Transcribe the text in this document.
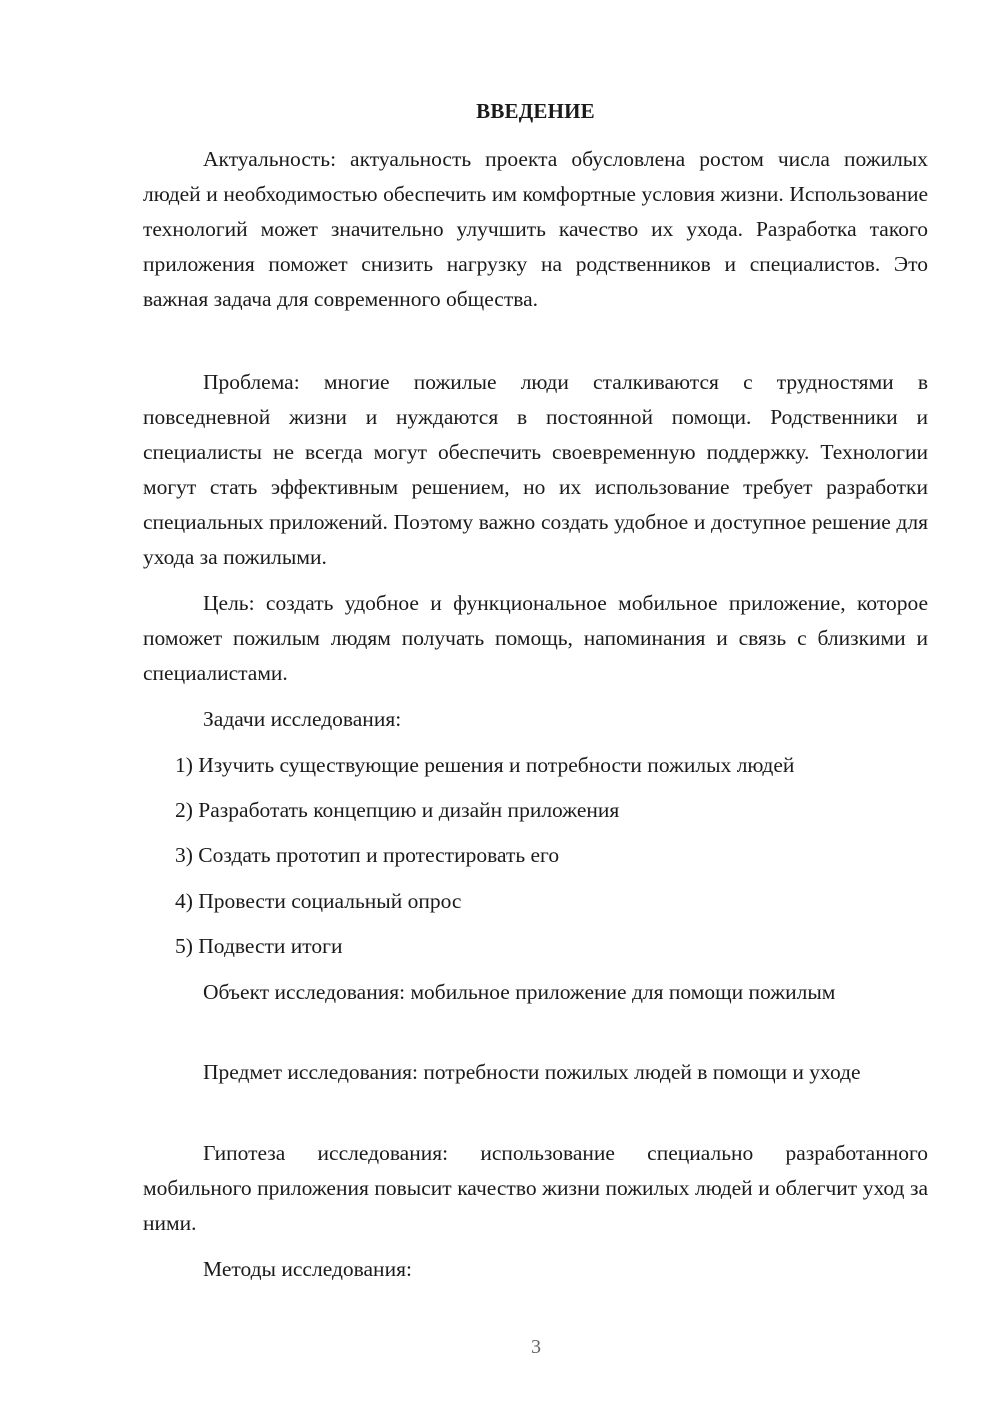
ВВЕДЕНИЕ

Актуальность: актуальность проекта обусловлена ростом числа пожилых людей и необходимостью обеспечить им комфортные условия жизни. Использование технологий может значительно улучшить качество их ухода. Разработка такого приложения поможет снизить нагрузку на родственников и специалистов. Это важная задача для современного общества.

Проблема: многие пожилые люди сталкиваются с трудностями в повседневной жизни и нуждаются в постоянной помощи. Родственники и специалисты не всегда могут обеспечить своевременную поддержку. Технологии могут стать эффективным решением, но их использование требует разработки специальных приложений. Поэтому важно создать удобное и доступное решение для ухода за пожилыми.

Цель: создать удобное и функциональное мобильное приложение, которое поможет пожилым людям получать помощь, напоминания и связь с близкими и специалистами.

Задачи исследования:

1) Изучить существующие решения и потребности пожилых людей

2) Разработать концепцию и дизайн приложения

3) Создать прототип и протестировать его

4) Провести социальный опрос

5) Подвести итоги

Объект исследования: мобильное приложение для помощи пожилым

Предмет исследования: потребности пожилых людей в помощи и уходе

Гипотеза исследования: использование специально разработанного мобильного приложения повысит качество жизни пожилых людей и облегчит уход за ними.

Методы исследования:

3
